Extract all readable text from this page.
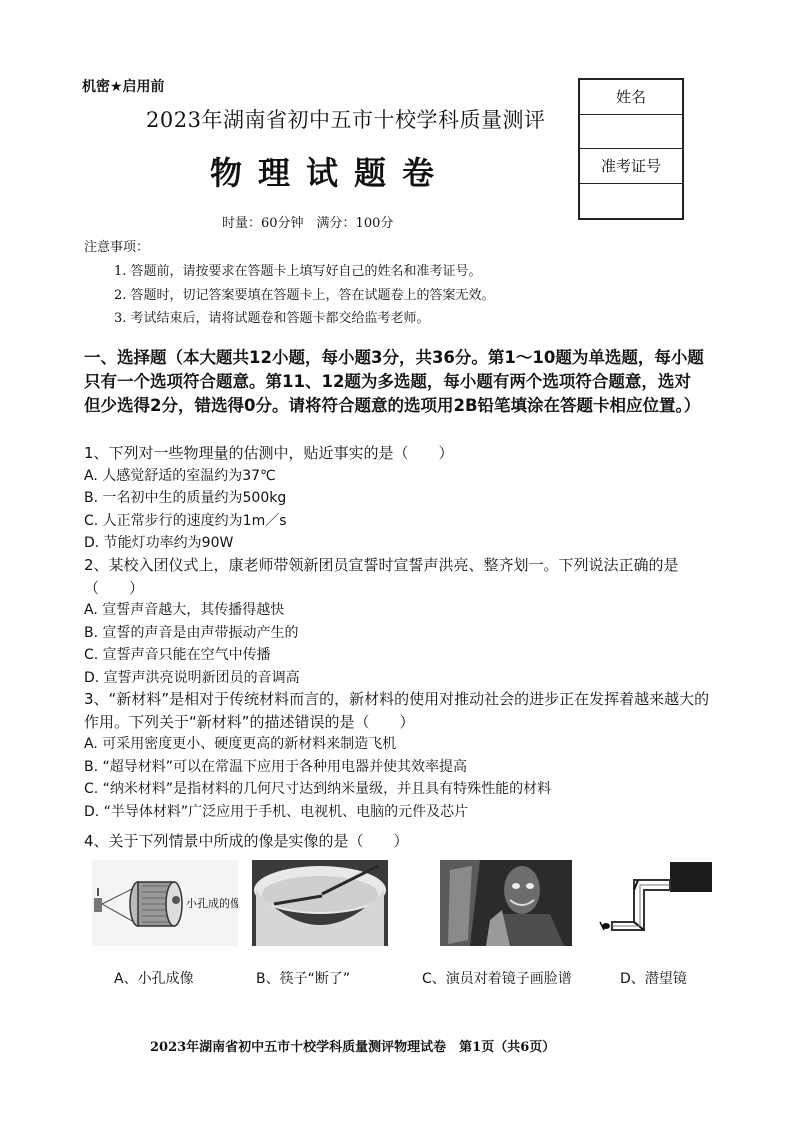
机密★启用前
2023年湖南省初中五市十校学科质量测评
物理试题卷
时量：60分钟　满分：100分
姓名
准考证号
注意事项：
1. 答题前，请按要求在答题卡上填写好自己的姓名和准考证号。
2. 答题时，切记答案要填在答题卡上，答在试题卷上的答案无效。
3. 考试结束后，请将试题卷和答题卡都交给监考老师。
一、选择题（本大题共12小题，每小题3分，共36分。第1～10题为单选题，每小题只有一个选项符合题意。第11、12题为多选题，每小题有两个选项符合题意，选对但少选得2分，错选得0分。请将符合题意的选项用2B铅笔填涂在答题卡相应位置。）
1、下列对一些物理量的估测中，贴近事实的是（　　）
A. 人感觉舒适的室温约为37℃
B. 一名初中生的质量约为500kg
C. 人正常步行的速度约为1m／s
D. 节能灯功率约为90W
2、某校入团仪式上，康老师带领新团员宣誓时宣誓声洪亮、整齐划一。下列说法正确的是（　　）
A. 宣誓声音越大，其传播得越快
B. 宣誓的声音是由声带振动产生的
C. 宣誓声音只能在空气中传播
D. 宣誓声洪亮说明新团员的音调高
3、“新材料”是相对于传统材料而言的，新材料的使用对推动社会的进步正在发挥着越来越大的作用。下列关于“新材料”的描述错误的是（　　）
A. 可采用密度更小、硬度更高的新材料来制造飞机
B. “超导材料”可以在常温下应用于各种用电器并使其效率提高
C. “纳米材料”是指材料的几何尺寸达到纳米量级，并且具有特殊性能的材料
D. “半导体材料”广泛应用于手机、电视机、电脑的元件及芯片
4、关于下列情景中所成的像是实像的是（　　）
小孔成的像
A、小孔成像	B、筷子“断了”	C、演员对着镜子画脸谱	D、潜望镜
2023年湖南省初中五市十校学科质量测评物理试卷　第1页（共6页）
